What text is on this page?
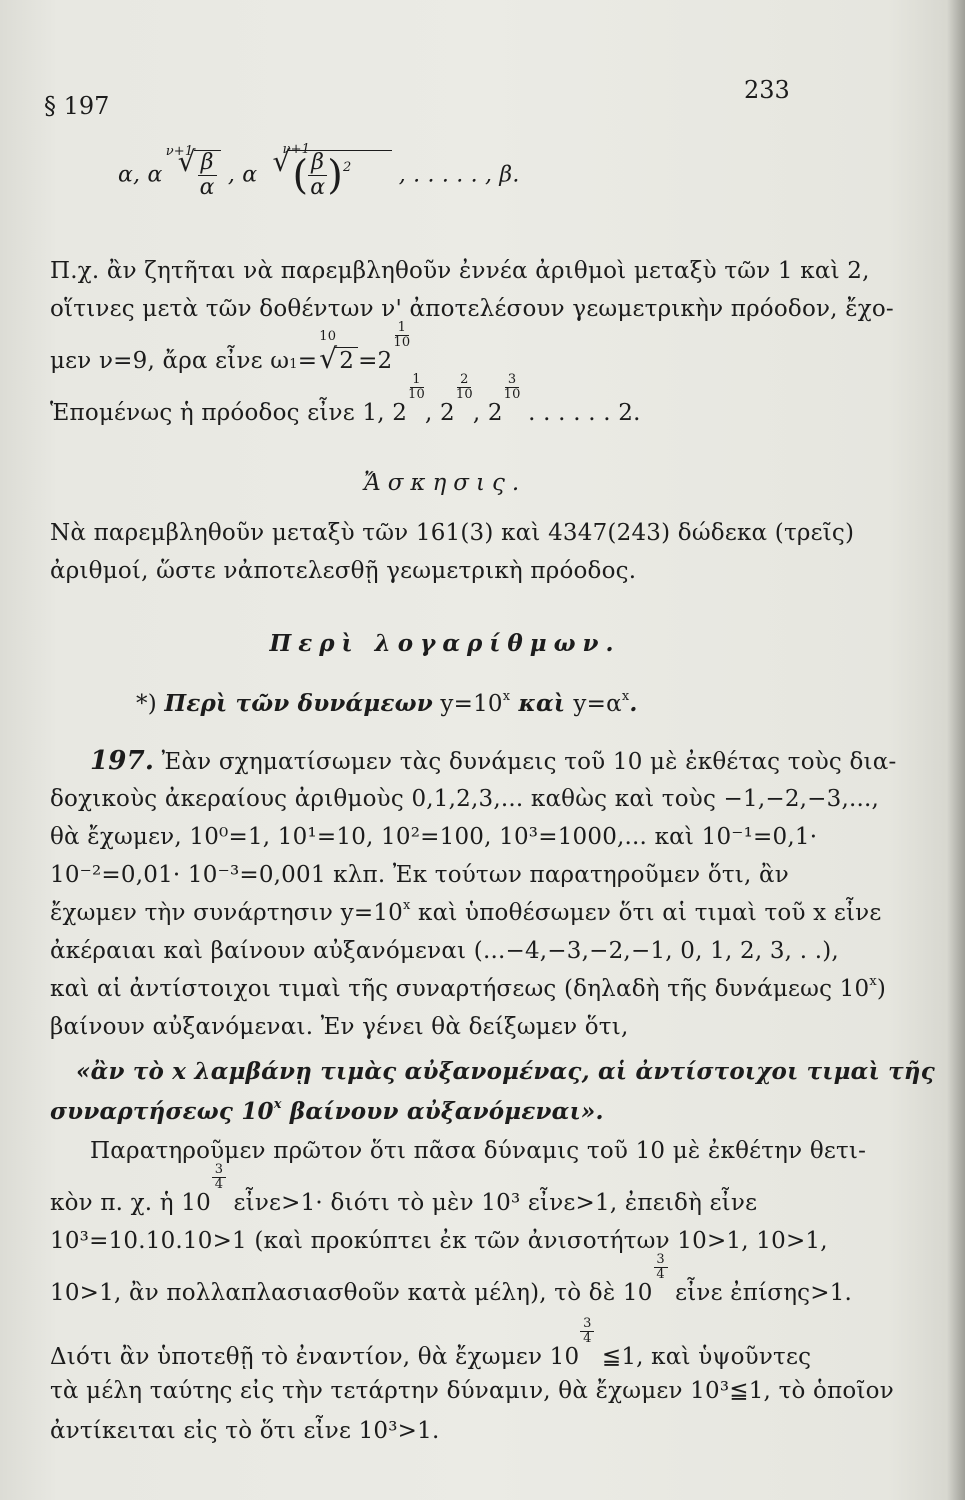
§ 197
233
α, α
ν+1
√ $\frac{\beta}{\alpha}$ , α
ν+1
√ ( $\frac{\beta}{\alpha} )^2$ , . . . . . , β.
Π.χ. ἂν ζητῆται νὰ παρεμβληθοῦν ἐννέα ἀριθμοὶ μεταξὺ τῶν 1 καὶ 2,
οἵτινες μετὰ τῶν δοθέντων ν' ἀποτελέσουν γεωμετρικὴν πρόοδον, ἔχο-
μεν ν=9, ἄρα εἶνε ω1=
10
√ 2 =2
$\frac{1}{10}$
Ἑπομένως ἡ πρόοδος εἶνε 1, 2
$\frac{1}{10}$
, 2
$\frac{2}{10}$
, 2
$\frac{3}{10}$
. . . . . . 2.
Ἄσκησις.
Νὰ παρεμβληθοῦν μεταξὺ τῶν 161(3) καὶ 4347(243) δώδεκα (τρεῖς)
ἀριθμοί, ὥστε νἀποτελεσθῇ γεωμετρικὴ πρόοδος.
Περὶ λογαρίθμων.
*) Περὶ τῶν δυνάμεων $y=10^x$ καὶ $y=\alpha^x$.
197. Ἐὰν σχηματίσωμεν τὰς δυνάμεις τοῦ 10 μὲ ἐκθέτας τοὺς δια-
δοχικοὺς ἀκεραίους ἀριθμοὺς 0,1,2,3,... καθὼς καὶ τοὺς −1,−2,−3,...,
θὰ ἔχωμεν, 10⁰=1, 10¹=10, 10²=100, 10³=1000,... καὶ 10⁻¹=0,1·
10⁻²=0,01· 10⁻³=0,001 κλπ. Ἐκ τούτων παρατηροῦμεν ὅτι, ἂν
ἔχωμεν τὴν συνάρτησιν $y=10^x$ καὶ ὑποθέσωμεν ὅτι αἱ τιμαὶ τοῦ x εἶνε
ἀκέραιαι καὶ βαίνουν αὐξανόμεναι (...−4,−3,−2,−1, 0, 1, 2, 3, . .),
καὶ αἱ ἀντίστοιχοι τιμαὶ τῆς συναρτήσεως (δηλαδὴ τῆς δυνάμεως 10$^x$)
βαίνουν αὐξανόμεναι. Ἐν γένει θὰ δείξωμεν ὅτι,
«ἂν τὸ x λαμβάνῃ τιμὰς αὐξανομένας, αἱ ἀντίστοιχοι τιμαὶ τῆς
συναρτήσεως 10$^x$ βαίνουν αὐξανόμεναι».
Παρατηροῦμεν πρῶτον ὅτι πᾶσα δύναμις τοῦ 10 μὲ ἐκθέτην θετι-
κὸν π. χ. ἡ 10
$\frac{3}{4}$
εἶνε>1· διότι τὸ μὲν 10³ εἶνε>1, ἐπειδὴ εἶνε
10³=10.10.10>1 (καὶ προκύπτει ἐκ τῶν ἀνισοτήτων 10>1, 10>1,
10>1, ἂν πολλαπλασιασθοῦν κατὰ μέλη), τὸ δὲ 10
$\frac{3}{4}$
εἶνε ἐπίσης>1.
Διότι ἂν ὑποτεθῇ τὸ ἐναντίον, θὰ ἔχωμεν 10
$\frac{3}{4}$
≦1, καὶ ὑψοῦντες
τὰ μέλη ταύτης εἰς τὴν τετάρτην δύναμιν, θὰ ἔχωμεν 10³≦1, τὸ ὁποῖον
ἀντίκειται εἰς τὸ ὅτι εἶνε 10³>1.
